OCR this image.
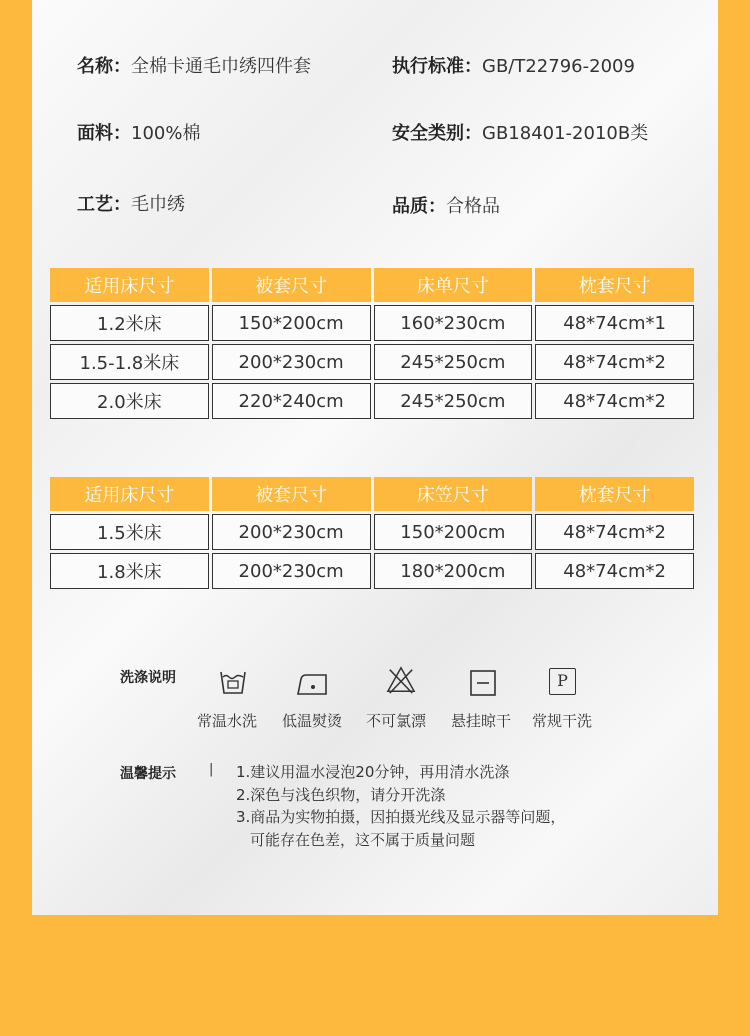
名称：全棉卡通毛巾绣四件套	执行标准：GB/T22796-2009
面料：100%棉	安全类别：GB18401-2010B类
工艺：毛巾绣	品质：合格品
适用床尺寸	被套尺寸	床单尺寸	枕套尺寸
1.2米床	150*200cm	160*230cm	48*74cm*1
1.5-1.8米床	200*230cm	245*250cm	48*74cm*2
2.0米床	220*240cm	245*250cm	48*74cm*2
适用床尺寸	被套尺寸	床笠尺寸	枕套尺寸
1.5米床	200*230cm	150*200cm	48*74cm*2
1.8米床	200*230cm	180*200cm	48*74cm*2
洗涤说明	P
常温水洗 低温熨烫 不可氯漂 悬挂晾干 常规干洗
温馨提示	| 1.建议用温水浸泡20分钟，再用清水洗涤
2.深色与浅色织物，请分开洗涤
3.商品为实物拍摄，因拍摄光线及显示器等问题，
可能存在色差，这不属于质量问题
